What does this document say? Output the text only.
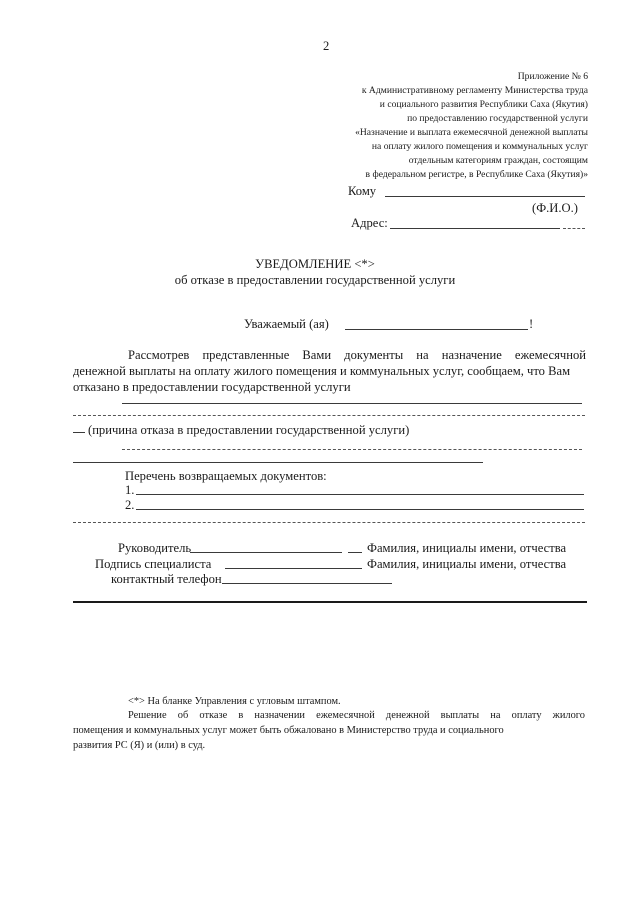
2
Приложение № 6
к Административному регламенту Министерства труда
и социального развития Республики Саха (Якутия)
по предоставлению государственной услуги
«Назначение и выплата ежемесячной денежной выплаты
на оплату жилого помещения и коммунальных услуг
отдельным категориям граждан, состоящим
в федеральном регистре, в Республике Саха (Якутия)»
Кому
(Ф.И.О.)
Адрес:
УВЕДОМЛЕНИЕ <*>
об отказе в предоставлении государственной услуги
Уважаемый (ая)	!
Рассмотрев представленные Вами документы на назначение ежемесячной
денежной выплаты на оплату жилого помещения и коммунальных услуг, сообщаем, что Вам
отказано в предоставлении государственной услуги
(причина отказа в предоставлении государственной услуги)
Перечень возвращаемых документов:
1.
2.
Руководитель	Фамилия, инициалы имени, отчества
Подпись специалиста	Фамилия, инициалы имени, отчества
контактный телефон
<*> На бланке Управления с угловым штампом.
Решение об отказе в назначении ежемесячной денежной выплаты на оплату жилого
помещения и коммунальных услуг может быть обжаловано в Министерство труда и социального
развития РС (Я) и (или) в суд.
